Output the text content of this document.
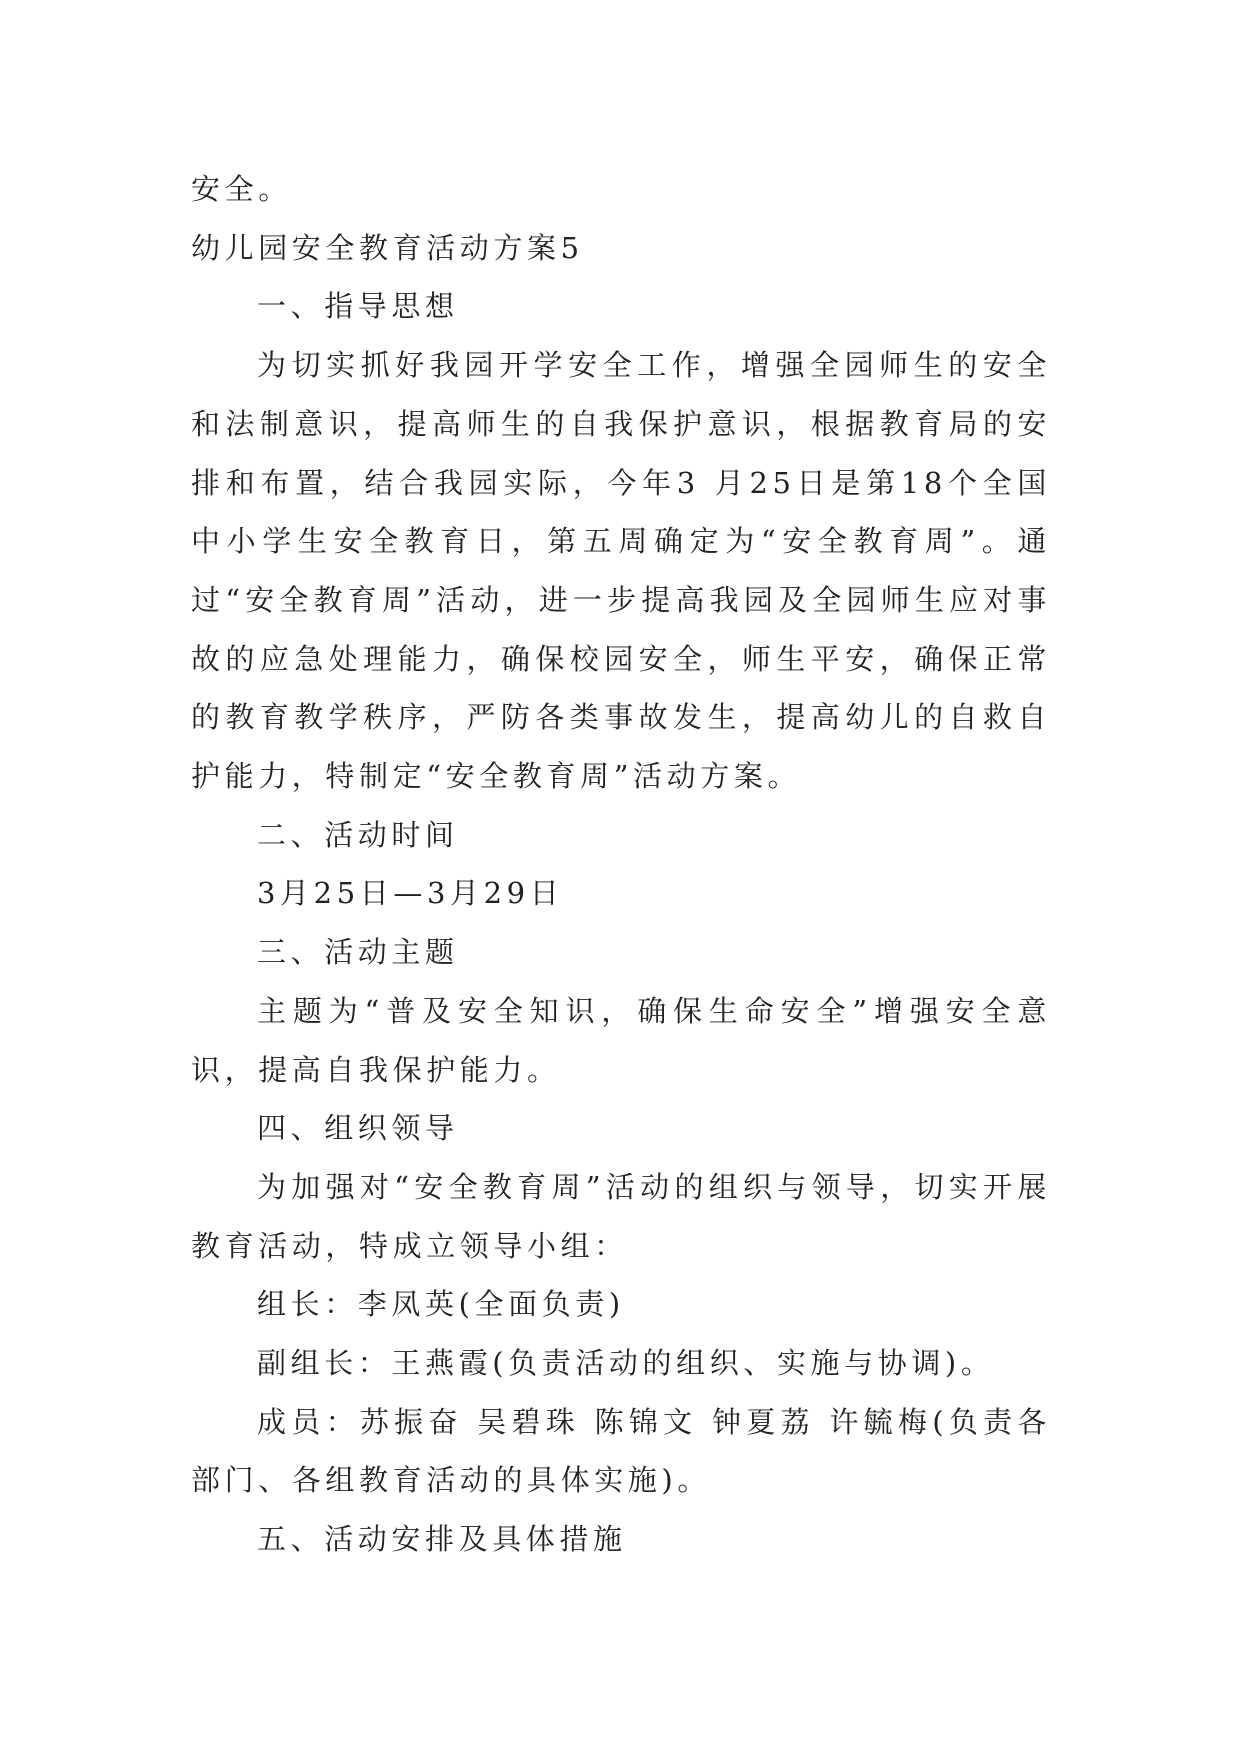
安全。

幼儿园安全教育活动方案5

一、指导思想

为切实抓好我园开学安全工作，增强全园师生的安全和法制意识，提高师生的自我保护意识，根据教育局的安排和布置，结合我园实际，今年3 月25日是第18个全国中小学生安全教育日，第五周确定为“安全教育周”。通过“安全教育周”活动，进一步提高我园及全园师生应对事故的应急处理能力，确保校园安全，师生平安，确保正常的教育教学秩序，严防各类事故发生，提高幼儿的自救自护能力，特制定“安全教育周”活动方案。

二、活动时间

3月25日—3月29日

三、活动主题

主题为“普及安全知识，确保生命安全”增强安全意识，提高自我保护能力。

四、组织领导

为加强对“安全教育周”活动的组织与领导，切实开展教育活动，特成立领导小组：

组长：李凤英(全面负责)

副组长：王燕霞(负责活动的组织、实施与协调)。

成员：苏振奋 吴碧珠 陈锦文 钟夏荔 许毓梅(负责各部门、各组教育活动的具体实施)。

五、活动安排及具体措施
